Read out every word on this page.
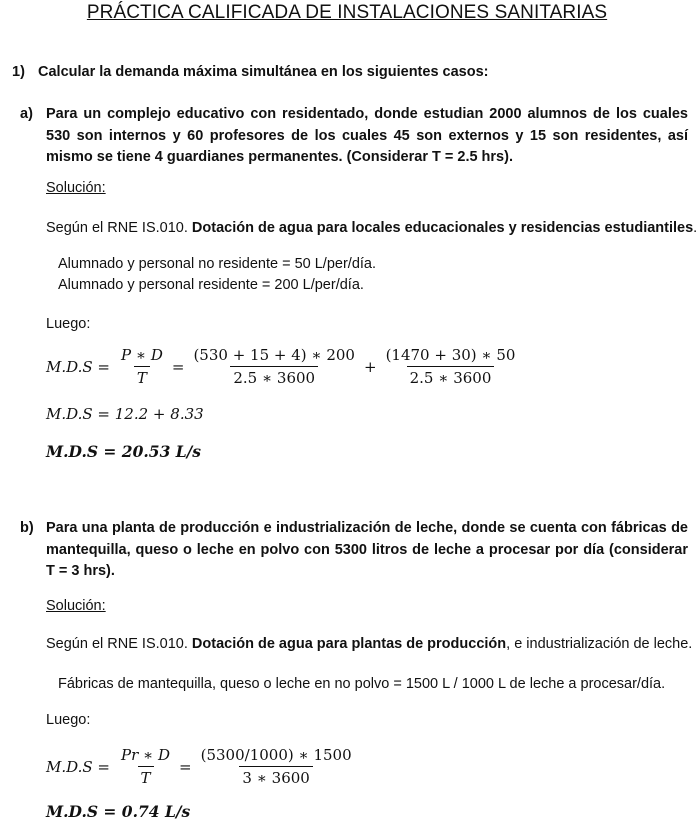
PRÁCTICA CALIFICADA DE INSTALACIONES SANITARIAS
1) Calcular la demanda máxima simultánea en los siguientes casos:
a) Para un complejo educativo con residentado, donde estudian 2000 alumnos de los cuales 530 son internos y 60 profesores de los cuales 45 son externos y 15 son residentes, así mismo se tiene 4 guardianes permanentes. (Considerar T = 2.5 hrs).
Solución:
Según el RNE IS.010. Dotación de agua para locales educacionales y residencias estudiantiles.
Alumnado y personal no residente = 50 L/per/día.
Alumnado y personal residente = 200 L/per/día.
Luego:
$M.D.S = \frac{P ∗ D}{T} = \frac{(530 + 15 + 4) ∗ 200}{2.5 ∗ 3600} + \frac{(1470 + 30) ∗ 50}{2.5 ∗ 3600}$
M.D.S = 12.2 + 8.33
M.D.S = 20.53 L/s
b) Para una planta de producción e industrialización de leche, donde se cuenta con fábricas de mantequilla, queso o leche en polvo con 5300 litros de leche a procesar por día (considerar T = 3 hrs).
Solución:
Según el RNE IS.010. Dotación de agua para plantas de producción, e industrialización de leche.
Fábricas de mantequilla, queso o leche en no polvo = 1500 L / 1000 L de leche a procesar/día.
Luego:
$M.D.S = \frac{Pr ∗ D}{T} = \frac{(5300/1000) ∗ 1500}{3 ∗ 3600}$
M.D.S = 0.74 L/s
